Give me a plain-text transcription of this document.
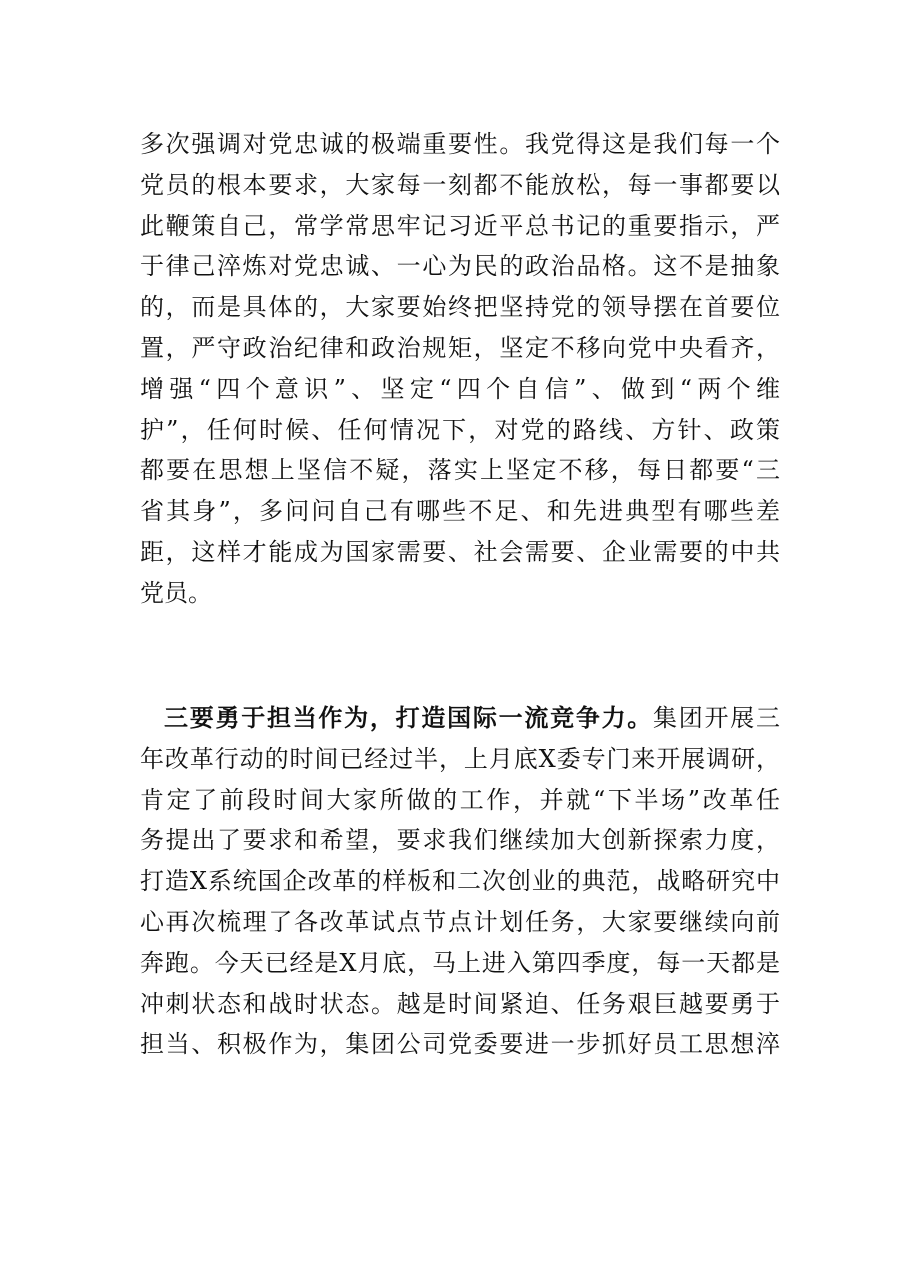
多次强调对党忠诚的极端重要性。我党得这是我们每一个
党员的根本要求，大家每一刻都不能放松，每一事都要以
此鞭策自己，常学常思牢记习近平总书记的重要指示，严
于律己淬炼对党忠诚、一心为民的政治品格。这不是抽象
的，而是具体的，大家要始终把坚持党的领导摆在首要位
置，严守政治纪律和政治规矩，坚定不移向党中央看齐，
增强“四个意识”、坚定“四个自信”、做到“两个维
护”，任何时候、任何情况下，对党的路线、方针、政策
都要在思想上坚信不疑，落实上坚定不移，每日都要“三
省其身”，多问问自己有哪些不足、和先进典型有哪些差
距，这样才能成为国家需要、社会需要、企业需要的中共
党员。
三要勇于担当作为，打造国际一流竞争力。集团开展三
年改革行动的时间已经过半，上月底X委专门来开展调研，
肯定了前段时间大家所做的工作，并就“下半场”改革任
务提出了要求和希望，要求我们继续加大创新探索力度，
打造X系统国企改革的样板和二次创业的典范，战略研究中
心再次梳理了各改革试点节点计划任务，大家要继续向前
奔跑。今天已经是X月底，马上进入第四季度，每一天都是
冲刺状态和战时状态。越是时间紧迫、任务艰巨越要勇于
担当、积极作为，集团公司党委要进一步抓好员工思想淬
